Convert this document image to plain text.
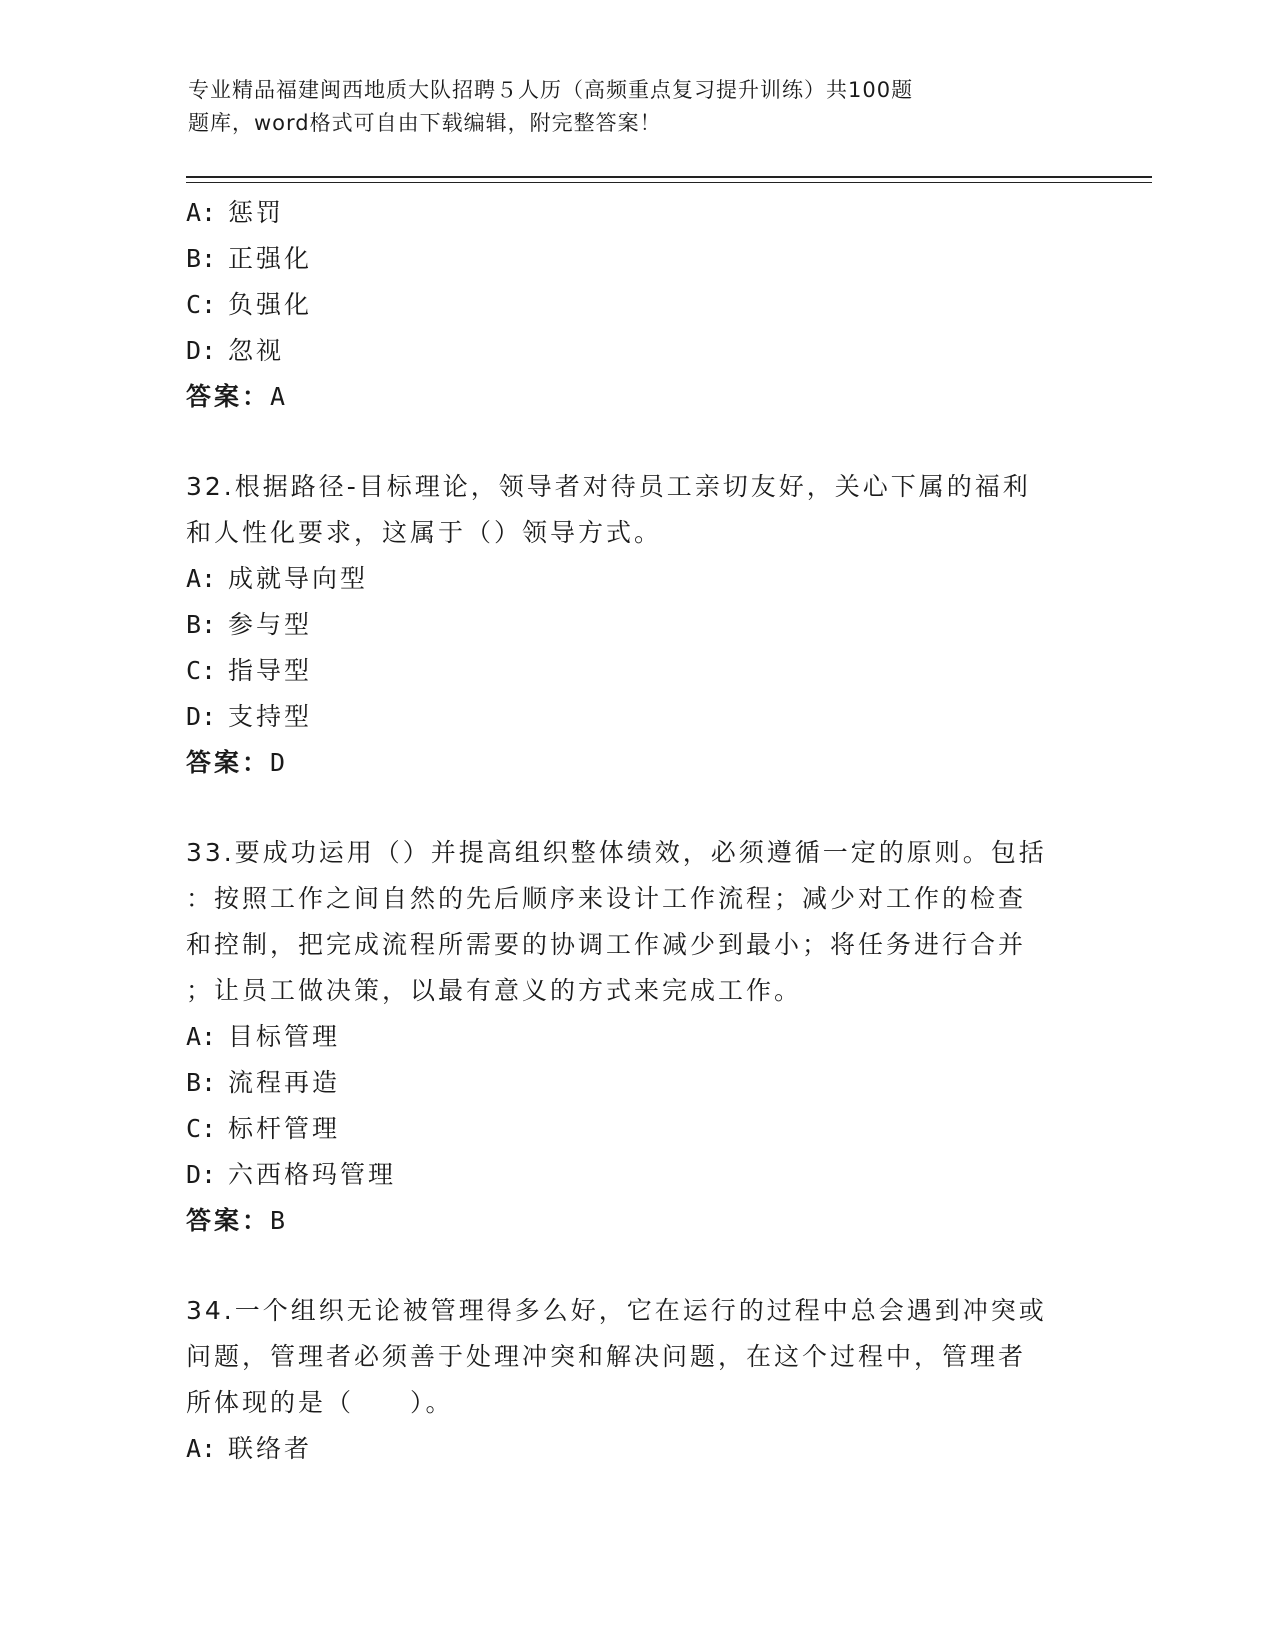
专业精品福建闽西地质大队招聘５人历（高频重点复习提升训练）共100题
题库，word格式可自由下载编辑，附完整答案！
A: 惩罚
B: 正强化
C: 负强化
D: 忽视
答案：A
32.根据路径-目标理论，领导者对待员工亲切友好，关心下属的福利
和人性化要求，这属于（）领导方式。
A: 成就导向型
B: 参与型
C: 指导型
D: 支持型
答案：D
33.要成功运用（）并提高组织整体绩效，必须遵循一定的原则。包括
：按照工作之间自然的先后顺序来设计工作流程；减少对工作的检查
和控制，把完成流程所需要的协调工作减少到最小；将任务进行合并
；让员工做决策，以最有意义的方式来完成工作。
A: 目标管理
B: 流程再造
C: 标杆管理
D: 六西格玛管理
答案：B
34.一个组织无论被管理得多么好，它在运行的过程中总会遇到冲突或
问题，管理者必须善于处理冲突和解决问题，在这个过程中，管理者
所体现的是（　　）。
A: 联络者
